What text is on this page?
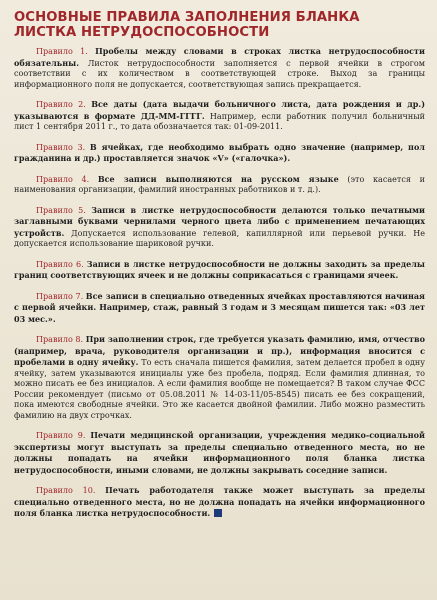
ОСНОВНЫЕ ПРАВИЛА ЗАПОЛНЕНИЯ БЛАНКА ЛИСТКА НЕТРУДОСПОСОБНОСТИ

Правило 1. Пробелы между словами в строках листка нетрудоспособности обязательны. Листок нетрудоспособности заполняется с первой ячейки в строгом соответствии с их количеством в соответствующей строке. Выход за границы информационного поля не допускается, соответствующая запись прекращается.

Правило 2. Все даты (дата выдачи больничного листа, дата рождения и др.) указываются в формате ДД-ММ-ГГГГ. Например, если работник получил больничный лист 1 сентября 2011 г., то дата обозначается так: 01-09-2011.

Правило 3. В ячейках, где необходимо выбрать одно значение (например, пол гражданина и др.) проставляется значок «V» («галочка»).

Правило 4. Все записи выполняются на русском языке (это касается и наименования организации, фамилий иностранных работников и т. д.).

Правило 5. Записи в листке нетрудоспособности делаются только печатными заглавными буквами чернилами черного цвета либо с применением печатающих устройств. Допускается использование гелевой, капиллярной или перьевой ручки. Не допускается использование шариковой ручки.

Правило 6. Записи в листке нетрудоспособности не должны заходить за пределы границ соответствующих ячеек и не должны соприкасаться с границами ячеек.

Правило 7. Все записи в специально отведенных ячейках проставляются начиная с первой ячейки. Например, стаж, равный 3 годам и 3 месяцам пишется так: «03 лет 03 мес.».

Правило 8. При заполнении строк, где требуется указать фамилию, имя, отчество (например, врача, руководителя организации и пр.), информация вносится с пробелами в одну ячейку. То есть сначала пишется фамилия, затем делается пробел в одну ячейку, затем указываются инициалы уже без пробела, подряд. Если фамилия длинная, то можно писать ее без инициалов. А если фамилия вообще не помещается? В таком случае ФСС России рекомендует (письмо от 05.08.2011 № 14-03-11/05-8545) писать ее без сокращений, пока имеются свободные ячейки. Это же касается двойной фамилии. Либо можно разместить фамилию на двух строчках.

Правило 9. Печати медицинской организации, учреждения медико-социальной экспертизы могут выступать за пределы специально отведенного места, но не должны попадать на ячейки информационного поля бланка листка нетрудоспособности, иными словами, не должны закрывать соседние записи.

Правило 10. Печать работодателя также может выступать за пределы специально отведенного места, но не должна попадать на ячейки информационного поля бланка листка нетрудоспособности.
